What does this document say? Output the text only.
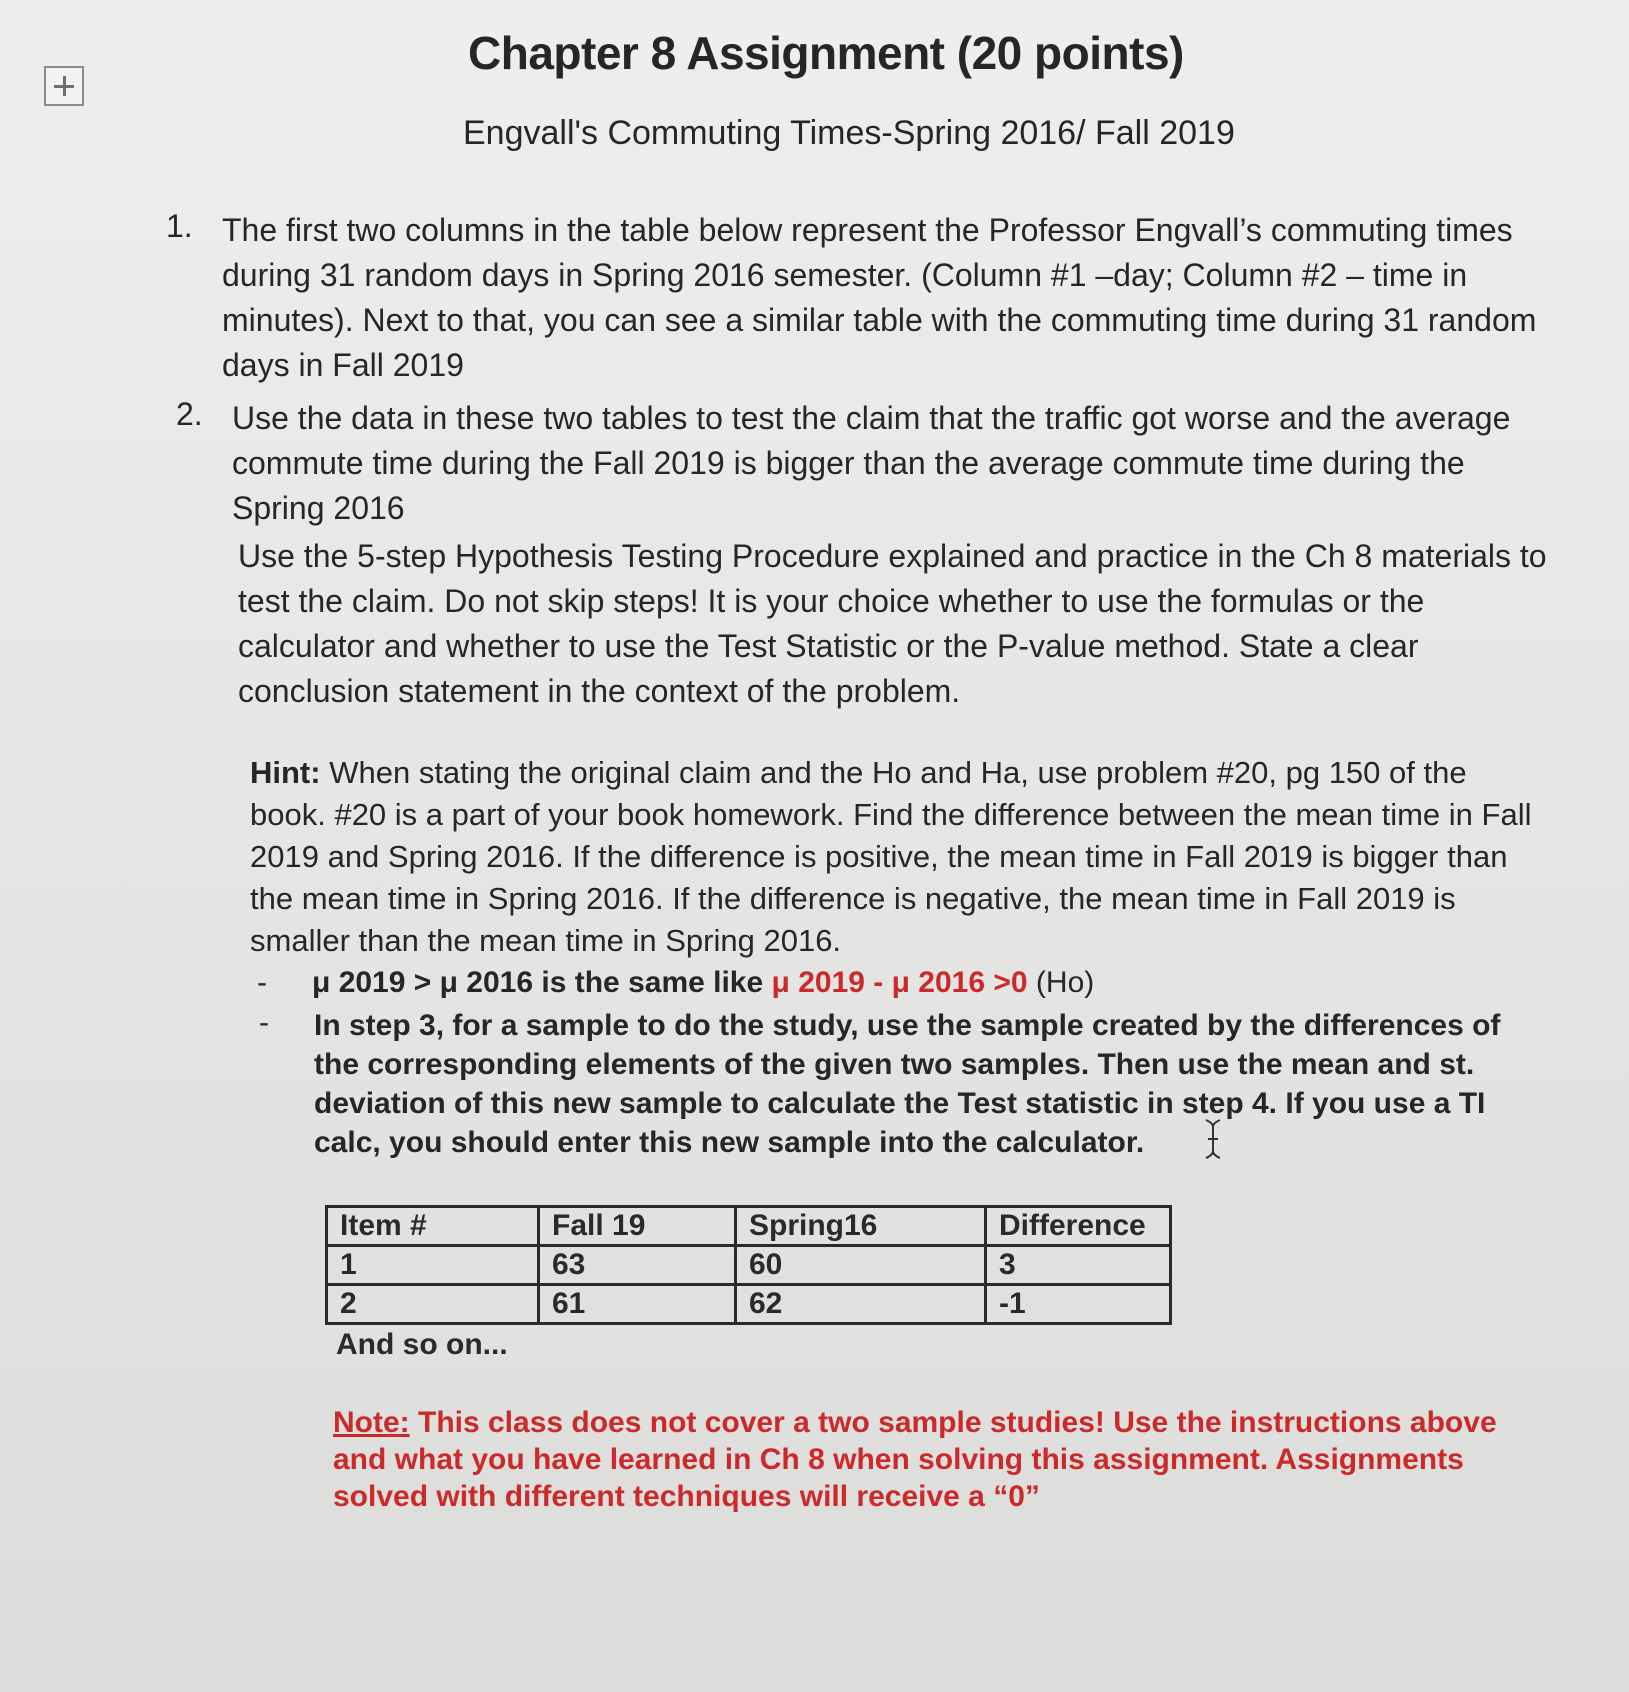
Chapter 8 Assignment (20 points)
Engvall's Commuting Times-Spring 2016/ Fall 2019
1. The first two columns in the table below represent the Professor Engvall’s commuting times during 31 random days in Spring 2016 semester. (Column #1 –day; Column #2 – time in minutes). Next to that, you can see a similar table with the commuting time during 31 random days in Fall 2019
2. Use the data in these two tables to test the claim that the traffic got worse and the average commute time during the Fall 2019 is bigger than the average commute time during the Spring 2016
Use the 5-step Hypothesis Testing Procedure explained and practice in the Ch 8 materials to test the claim. Do not skip steps! It is your choice whether to use the formulas or the calculator and whether to use the Test Statistic or the P-value method. State a clear conclusion statement in the context of the problem.
Hint: When stating the original claim and the Ho and Ha, use problem #20, pg 150 of the book. #20 is a part of your book homework. Find the difference between the mean time in Fall 2019 and Spring 2016. If the difference is positive, the mean time in Fall 2019 is bigger than the mean time in Spring 2016. If the difference is negative, the mean time in Fall 2019 is smaller than the mean time in Spring 2016.
- μ 2019 > μ 2016 is the same like μ 2019 - μ 2016 >0 (Ho)
- In step 3, for a sample to do the study, use the sample created by the differences of the corresponding elements of the given two samples. Then use the mean and st. deviation of this new sample to calculate the Test statistic in step 4. If you use a TI calc, you should enter this new sample into the calculator.
Item #	Fall 19	Spring16	Difference
1	63	60	3
2	61	62	-1
And so on...
Note: This class does not cover a two sample studies! Use the instructions above and what you have learned in Ch 8 when solving this assignment. Assignments solved with different techniques will receive a “0”
